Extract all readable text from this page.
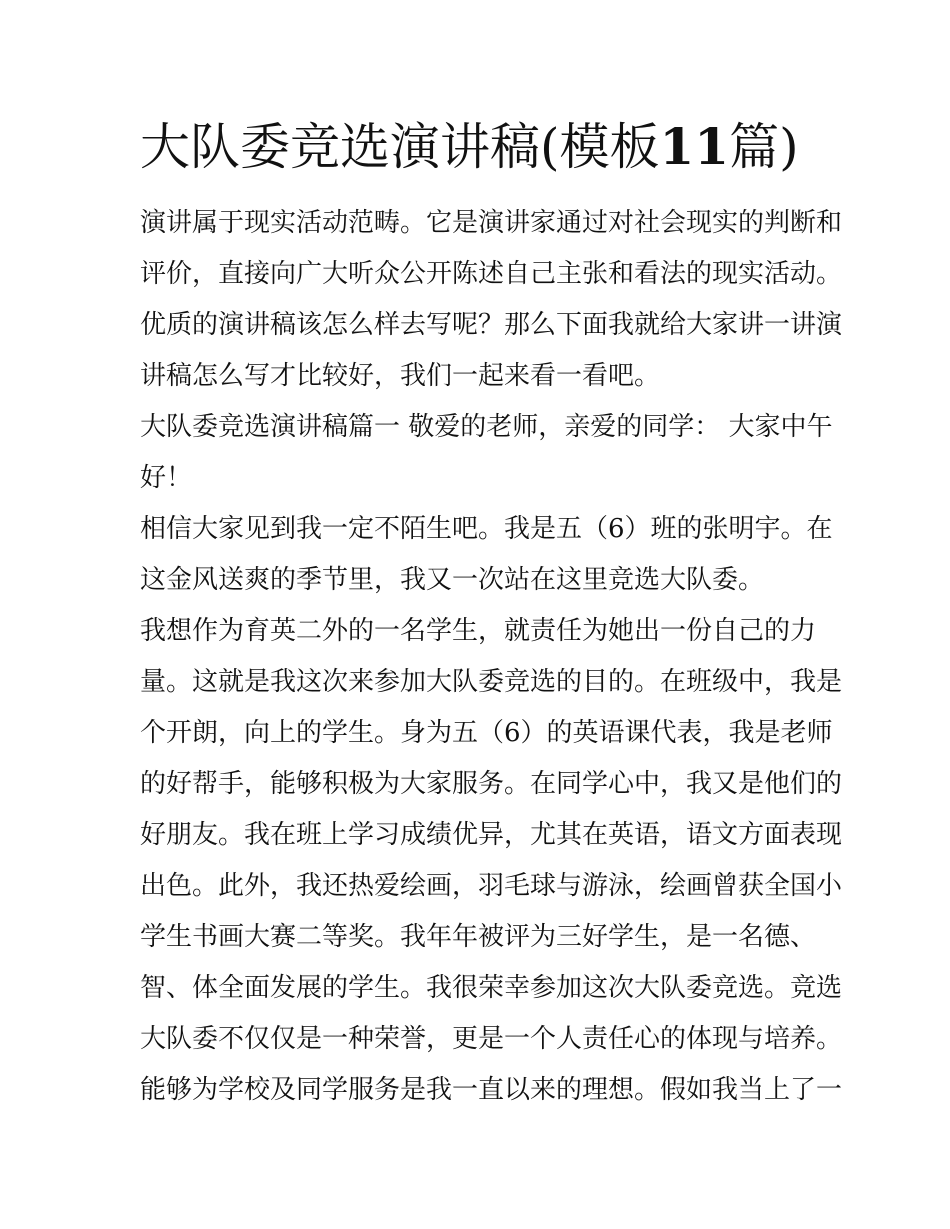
大队委竞选演讲稿(模板11篇)
演讲属于现实活动范畴。它是演讲家通过对社会现实的判断和
评价，直接向广大听众公开陈述自己主张和看法的现实活动。
优质的演讲稿该怎么样去写呢？那么下面我就给大家讲一讲演
讲稿怎么写才比较好，我们一起来看一看吧。
大队委竞选演讲稿篇一 敬爱的老师，亲爱的同学： 大家中午
好！
相信大家见到我一定不陌生吧。我是五（6）班的张明宇。在
这金风送爽的季节里，我又一次站在这里竞选大队委。
我想作为育英二外的一名学生，就责任为她出一份自己的力
量。这就是我这次来参加大队委竞选的目的。在班级中，我是
个开朗，向上的学生。身为五（6）的英语课代表，我是老师
的好帮手，能够积极为大家服务。在同学心中，我又是他们的
好朋友。我在班上学习成绩优异，尤其在英语，语文方面表现
出色。此外，我还热爱绘画，羽毛球与游泳，绘画曾获全国小
学生书画大赛二等奖。我年年被评为三好学生，是一名德、
智、体全面发展的学生。我很荣幸参加这次大队委竞选。竞选
大队委不仅仅是一种荣誉，更是一个人责任心的体现与培养。
能够为学校及同学服务是我一直以来的理想。假如我当上了一
